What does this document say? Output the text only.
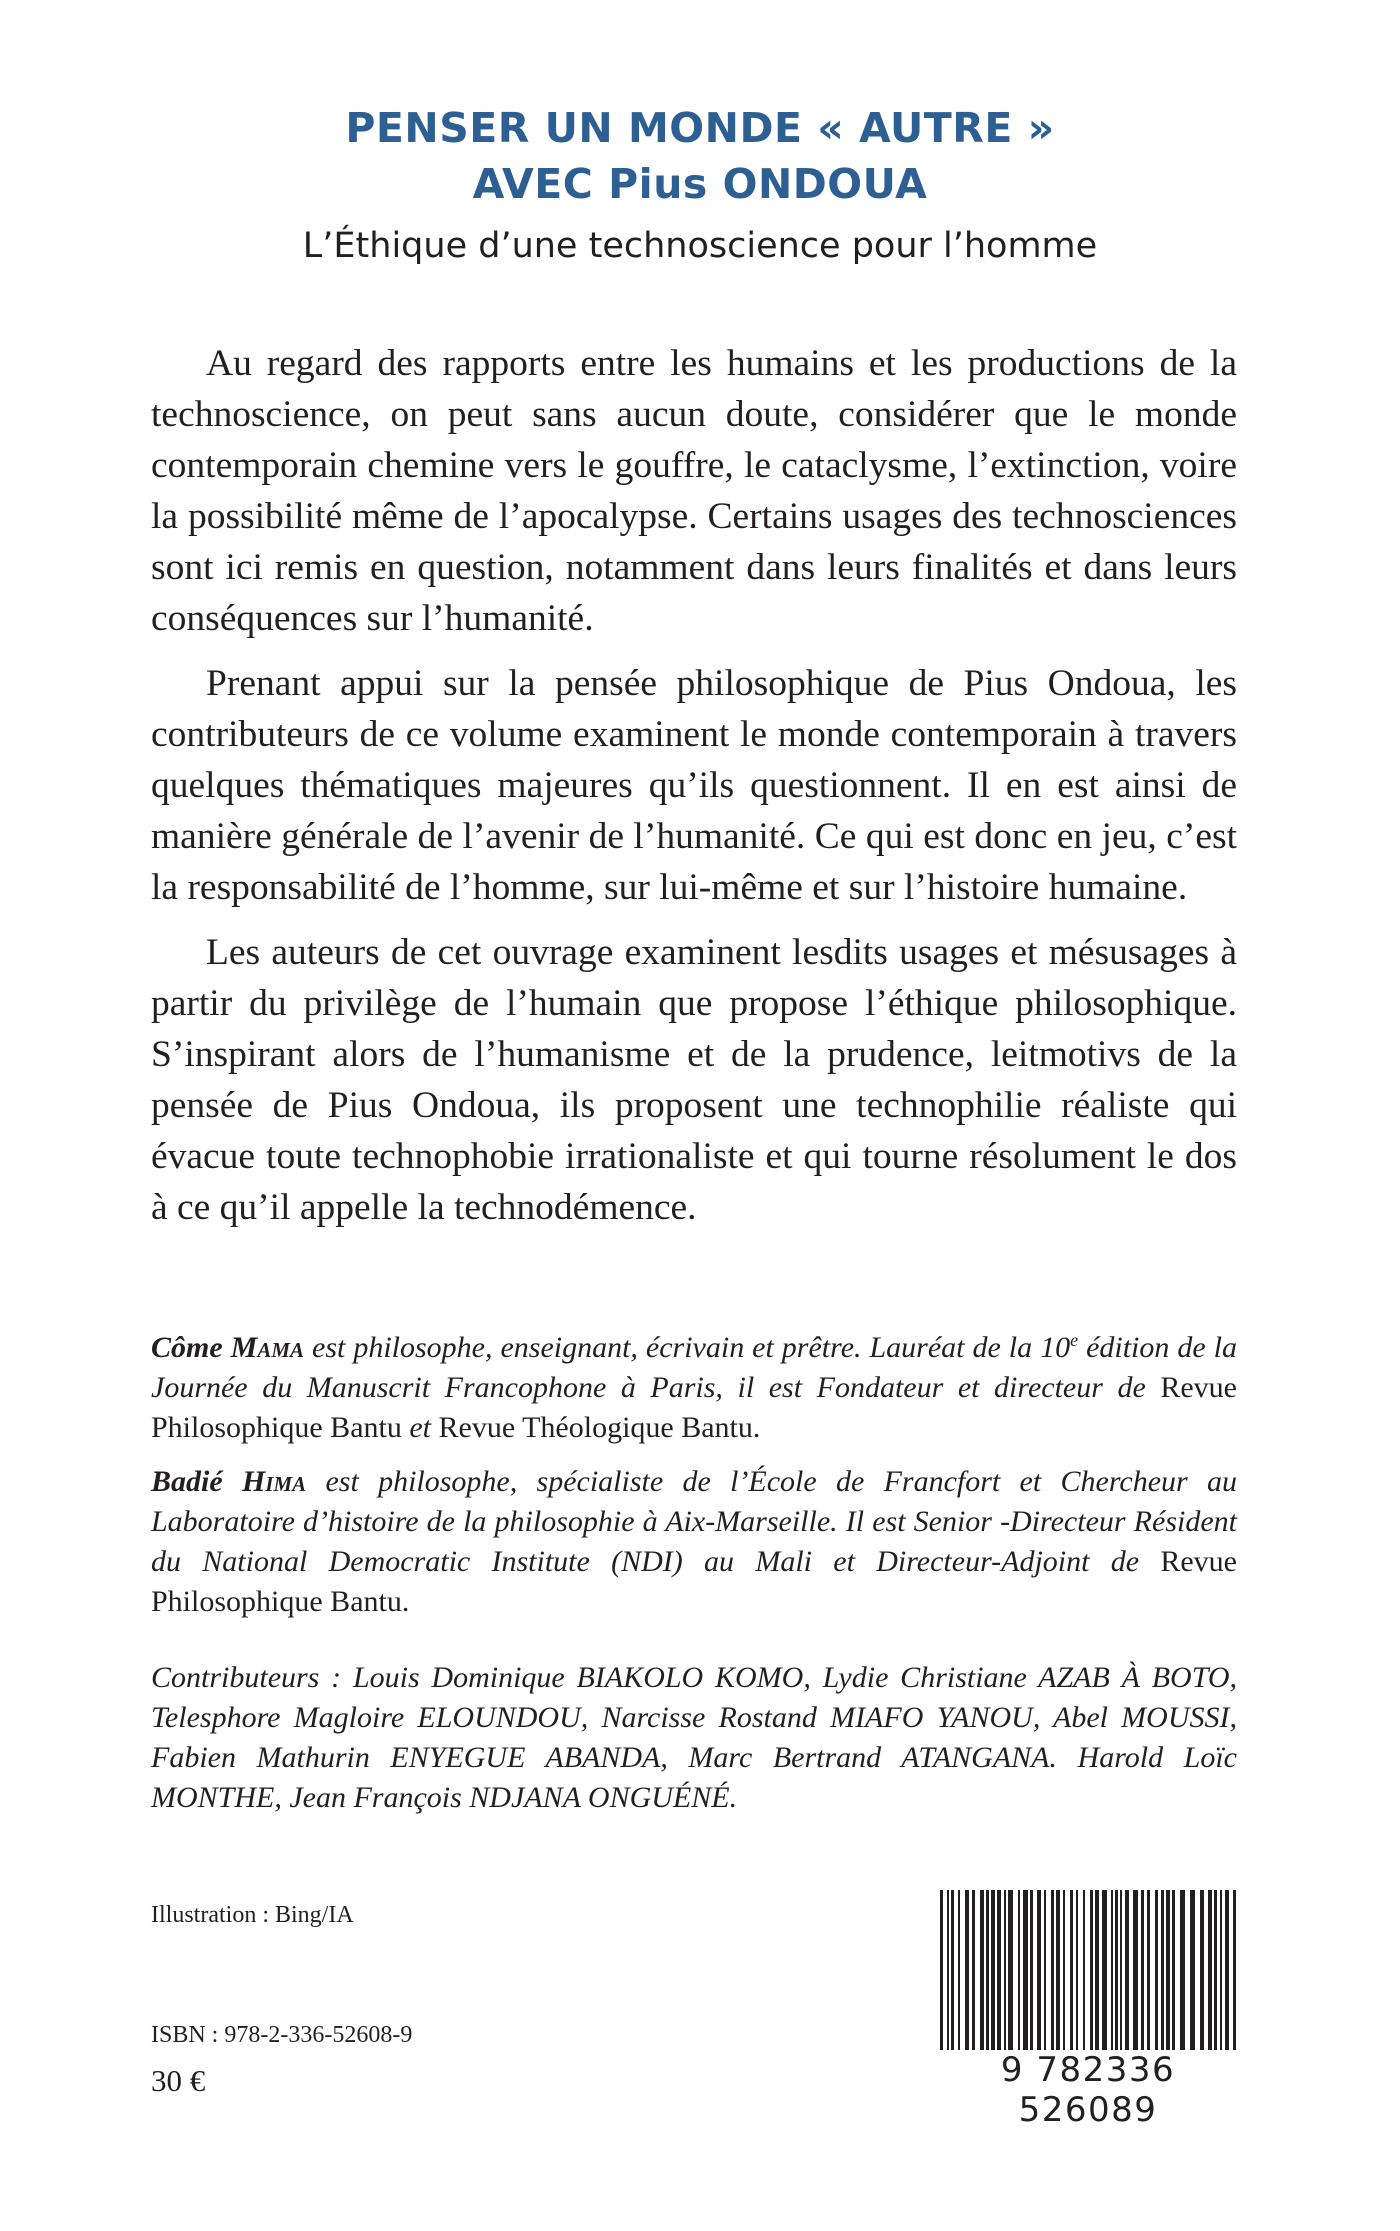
PENSER UN MONDE « AUTRE »
AVEC Pius ONDOUA
L’Éthique d’une technoscience pour l’homme

Au regard des rapports entre les humains et les productions de la technoscience, on peut sans aucun doute, considérer que le monde contemporain chemine vers le gouffre, le cataclysme, l’extinction, voire la possibilité même de l’apocalypse. Certains usages des technosciences sont ici remis en question, notamment dans leurs finalités et dans leurs conséquences sur l’humanité.

Prenant appui sur la pensée philosophique de Pius Ondoua, les contributeurs de ce volume examinent le monde contemporain à travers quelques thématiques majeures qu’ils questionnent. Il en est ainsi de manière générale de l’avenir de l’humanité. Ce qui est donc en jeu, c’est la responsabilité de l’homme, sur lui-même et sur l’histoire humaine.

Les auteurs de cet ouvrage examinent lesdits usages et mésusages à partir du privilège de l’humain que propose l’éthique philosophique. S’inspirant alors de l’humanisme et de la prudence, leitmotivs de la pensée de Pius Ondoua, ils proposent une technophilie réaliste qui évacue toute technophobie irrationaliste et qui tourne résolument le dos à ce qu’il appelle la technodémence.

Côme Mama est philosophe, enseignant, écrivain et prêtre. Lauréat de la 10e édition de la Journée du Manuscrit Francophone à Paris, il est Fondateur et directeur de Revue Philosophique Bantu et Revue Théologique Bantu.

Badié Hima est philosophe, spécialiste de l’École de Francfort et Chercheur au Laboratoire d’histoire de la philosophie à Aix-Marseille. Il est Senior -Directeur Résident du National Democratic Institute (NDI) au Mali et Directeur-Adjoint de Revue Philosophique Bantu.

Contributeurs : Louis Dominique BIAKOLO KOMO, Lydie Christiane AZAB À BOTO, Telesphore Magloire ELOUNDOU, Narcisse Rostand MIAFO YANOU, Abel MOUSSI, Fabien Mathurin ENYEGUE ABANDA, Marc Bertrand ATANGANA. Harold Loïc MONTHE, Jean François NDJANA ONGUÉNÉ.

Illustration : Bing/IA
ISBN : 978-2-336-52608-9
30 €	9 782336 526089
